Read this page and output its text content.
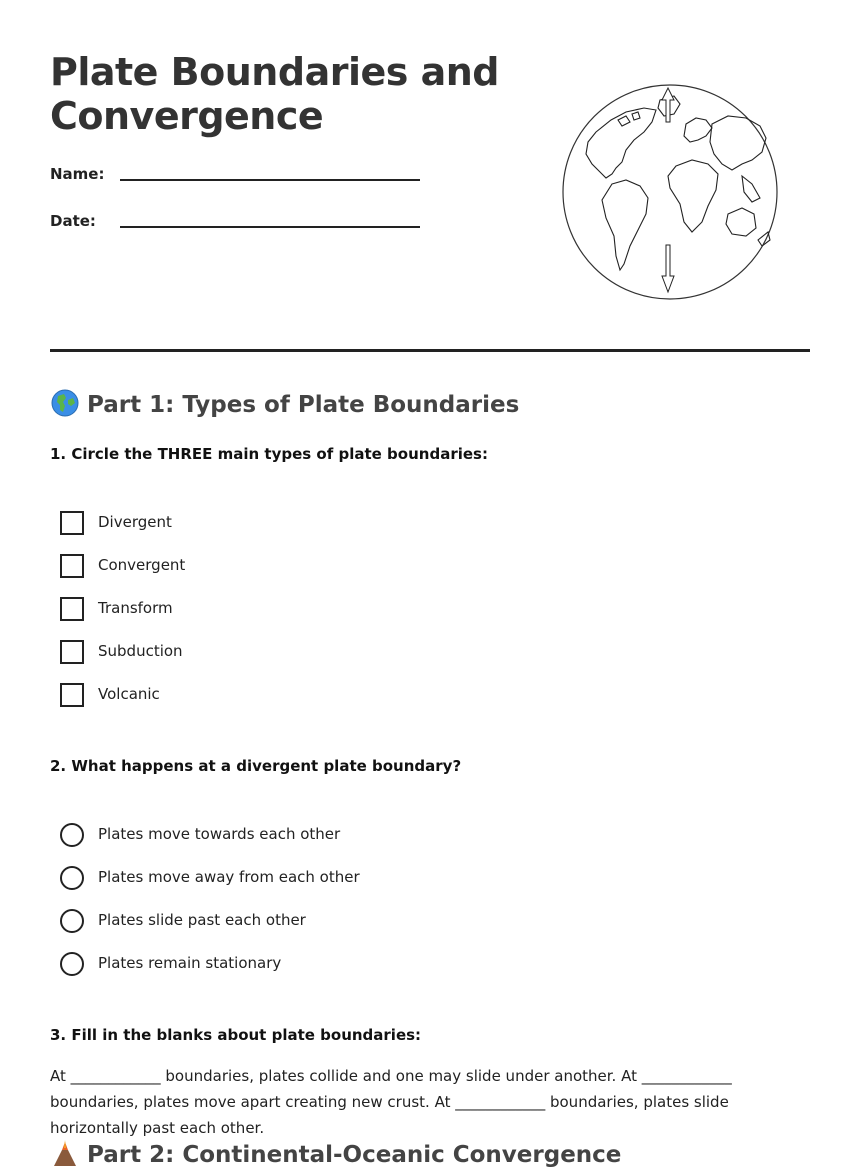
Plate Boundaries and Convergence
Name:
Date:
Part 1: Types of Plate Boundaries
1. Circle the THREE main types of plate boundaries:
Divergent
Convergent
Transform
Subduction
Volcanic
2. What happens at a divergent plate boundary?
Plates move towards each other
Plates move away from each other
Plates slide past each other
Plates remain stationary
3. Fill in the blanks about plate boundaries:
At ____________ boundaries, plates collide and one may slide under another. At ____________ boundaries, plates move apart creating new crust. At ____________ boundaries, plates slide horizontally past each other.
Part 2: Continental-Oceanic Convergence
